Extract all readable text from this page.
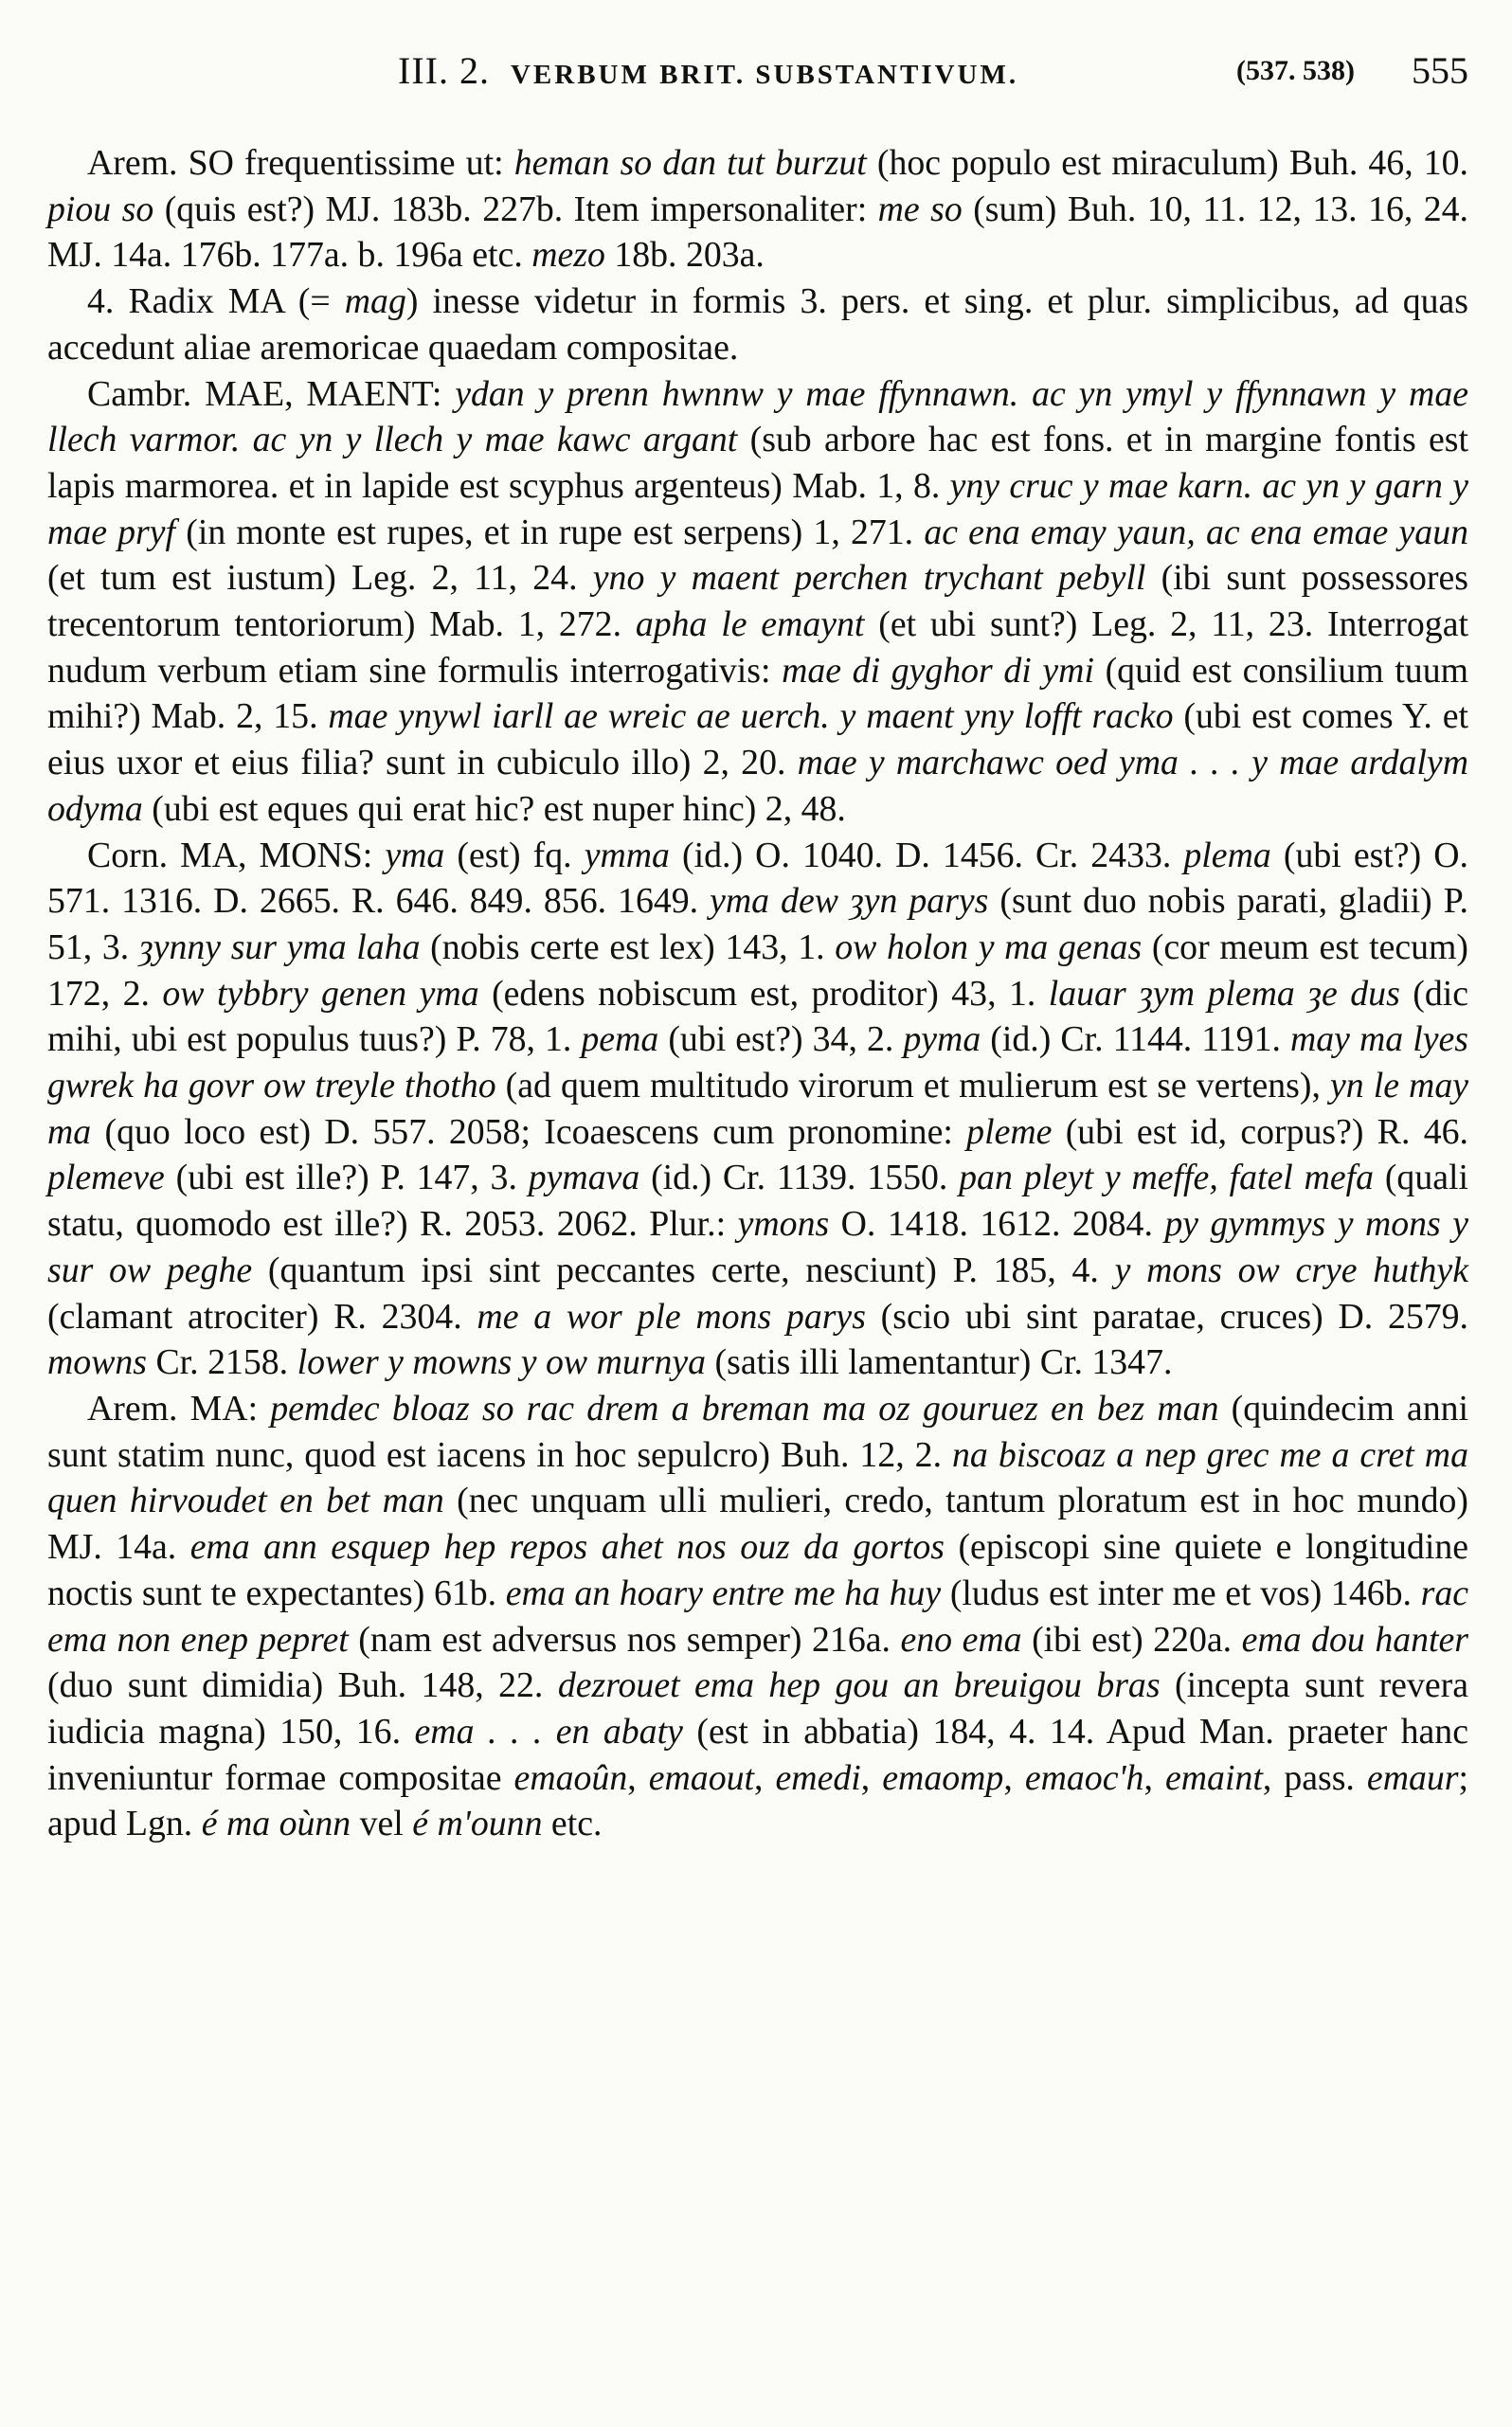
III. 2. VERBUM BRIT. SUBSTANTIVUM.	(537. 538) 555

Arem. SO frequentissime ut: heman so dan tut burzut (hoc populo est miraculum) Buh. 46, 10. piou so (quis est?) MJ. 183b. 227b. Item impersonaliter: me so (sum) Buh. 10, 11. 12, 13. 16, 24. MJ. 14a. 176b. 177a. b. 196a etc. mezo 18b. 203a.

4. Radix MA (= mag) inesse videtur in formis 3. pers. et sing. et plur. simplicibus, ad quas accedunt aliae aremoricae quaedam compositae.

Cambr. MAE, MAENT: ydan y prenn hwnnw y mae ffynnawn. ac yn ymyl y ffynnawn y mae llech varmor. ac yn y llech y mae kawc argant (sub arbore hac est fons. et in margine fontis est lapis marmorea. et in lapide est scyphus argenteus) Mab. 1, 8. yny cruc y mae karn. ac yn y garn y mae pryf (in monte est rupes, et in rupe est serpens) 1, 271. ac ena emay yaun, ac ena emae yaun (et tum est iustum) Leg. 2, 11, 24. yno y maent perchen trychant pebyll (ibi sunt possessores trecentorum tentoriorum) Mab. 1, 272. apha le emaynt (et ubi sunt?) Leg. 2, 11, 23. Interrogat nudum verbum etiam sine formulis interrogativis: mae di gyghor di ymi (quid est consilium tuum mihi?) Mab. 2, 15. mae ynywl iarll ae wreic ae uerch. y maent yny lofft racko (ubi est comes Y. et eius uxor et eius filia? sunt in cubiculo illo) 2, 20. mae y marchawc oed yma . . . y mae ardalym odyma (ubi est eques qui erat hic? est nuper hinc) 2, 48.

Corn. MA, MONS: yma (est) fq. ymma (id.) O. 1040. D. 1456. Cr. 2433. plema (ubi est?) O. 571. 1316. D. 2665. R. 646. 849. 856. 1649. yma dew ȝyn parys (sunt duo nobis parati, gladii) P. 51, 3. ȝynny sur yma laha (nobis certe est lex) 143, 1. ow holon y ma genas (cor meum est tecum) 172, 2. ow tybbry genen yma (edens nobiscum est, proditor) 43, 1. lauar ȝym plema ȝe dus (dic mihi, ubi est populus tuus?) P. 78, 1. pema (ubi est?) 34, 2. pyma (id.) Cr. 1144. 1191. may ma lyes gwrek ha govr ow treyle thotho (ad quem multitudo virorum et mulierum est se vertens), yn le may ma (quo loco est) D. 557. 2058; Icoaescens cum pronomine: pleme (ubi est id, corpus?) R. 46. plemeve (ubi est ille?) P. 147, 3. pymava (id.) Cr. 1139. 1550. pan pleyt y meffe, fatel mefa (quali statu, quomodo est ille?) R. 2053. 2062. Plur.: ymons O. 1418. 1612. 2084. py gymmys y mons y sur ow peghe (quantum ipsi sint peccantes certe, nesciunt) P. 185, 4. y mons ow crye huthyk (clamant atrociter) R. 2304. me a wor ple mons parys (scio ubi sint paratae, cruces) D. 2579. mowns Cr. 2158. lower y mowns y ow murnya (satis illi lamentantur) Cr. 1347.

Arem. MA: pemdec bloaz so rac drem a breman ma oz gouruez en bez man (quindecim anni sunt statim nunc, quod est iacens in hoc sepulcro) Buh. 12, 2. na biscoaz a nep grec me a cret ma quen hirvoudet en bet man (nec unquam ulli mulieri, credo, tantum ploratum est in hoc mundo) MJ. 14a. ema ann esquep hep repos ahet nos ouz da gortos (episcopi sine quiete e longitudine noctis sunt te expectantes) 61b. ema an hoary entre me ha huy (ludus est inter me et vos) 146b. rac ema non enep pepret (nam est adversus nos semper) 216a. eno ema (ibi est) 220a. ema dou hanter (duo sunt dimidia) Buh. 148, 22. dezrouet ema hep gou an breuigou bras (incepta sunt revera iudicia magna) 150, 16. ema . . . en abaty (est in abbatia) 184, 4. 14. Apud Man. praeter hanc inveniuntur formae compositae emaoûn, emaout, emedi, emaomp, emaoc'h, emaint, pass. emaur; apud Lgn. é ma oùnn vel é m'ounn etc.
